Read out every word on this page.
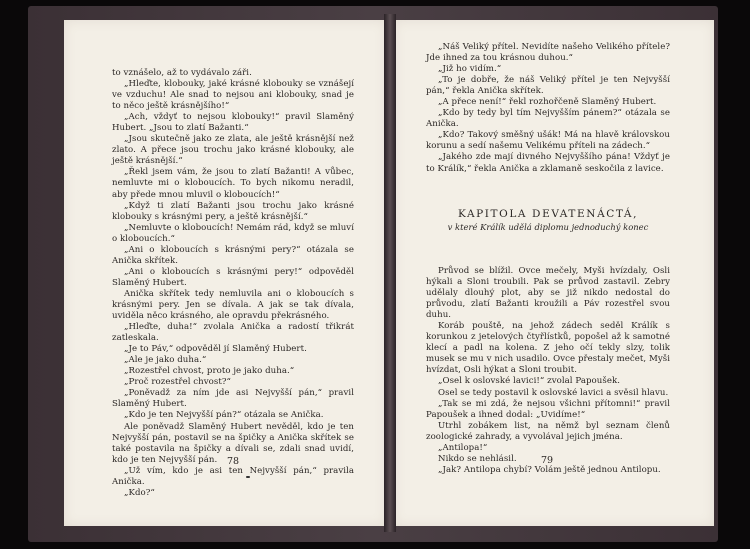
to vznášelo, až to vydávalo záři.

„Hleďte, klobouky, jaké krásné klobouky se vznášejí ve vzduchu! Ale snad to nejsou ani klobouky, snad je to něco ještě krásnějšího!“

„Ach, vždyť to nejsou klobouky!“ pravil Slaměný Hubert. „Jsou to zlatí Bažanti.“

„Jsou skutečně jako ze zlata, ale ještě krásnější než zlato. A přece jsou trochu jako krásné klobouky, ale ještě krásnější.“

„Řekl jsem vám, že jsou to zlatí Bažanti! A vůbec, nemluvte mi o kloboucích. To bych nikomu neradil, aby přede mnou mluvil o kloboucích!“

„Když ti zlatí Bažanti jsou trochu jako krásné klobouky s krásnými pery, a ještě krásnější.“

„Nemluvte o kloboucích! Nemám rád, když se mluví o kloboucích.“

„Ani o kloboucích s krásnými pery?“ otázala se Anička skřítek.

„Ani o kloboucích s krásnými pery!“ odpověděl Slaměný Hubert.

Anička skřítek tedy nemluvila ani o kloboucích s krásnými pery. Jen se dívala. A jak se tak dívala, uviděla něco krásného, ale opravdu překrásného.

„Hleďte, duha!“ zvolala Anička a radostí třikrát zatleskala.

„Je to Páv,“ odpověděl jí Slaměný Hubert.

„Ale je jako duha.“

„Rozestřel chvost, proto je jako duha.“

„Proč rozestřel chvost?“

„Poněvadž za ním jde asi Nejvyšší pán,“ pravil Slaměný Hubert.

„Kdo je ten Nejvyšší pán?“ otázala se Anička.

Ale poněvadž Slaměný Hubert nevěděl, kdo je ten Nejvyšší pán, postavil se na špičky a Anička skřítek se také postavila na špičky a dívali se, zdali snad uvidí, kdo je ten Nejvyšší pán.

„Už vím, kdo je asi ten Nejvyšší pán,“ pravila Anička.

„Kdo?“

78

„Náš Veliký přítel. Nevidíte našeho Velikého přítele? Jde ihned za tou krásnou duhou.“

„Již ho vidím.“

„To je dobře, že náš Veliký přítel je ten Nejvyšší pán,“ řekla Anička skřítek.

„A přece není!“ řekl rozhořčeně Slaměný Hubert.

„Kdo by tedy byl tím Nejvyšším pánem?“ otázala se Anička.

„Kdo? Takový směšný ušák! Má na hlavě královskou korunu a sedí našemu Velikému příteli na zádech.“

„Jakého zde mají divného Nejvyššího pána! Vždyť je to Králík,“ řekla Anička a zklamaně seskočila z lavice.

KAPITOLA DEVATENÁCTÁ,
v které Králík udělá diplomu jednoduchý konec

Průvod se blížil. Ovce mečely, Myši hvízdaly, Osli hýkali a Sloni troubili. Pak se průvod zastavil. Zebry udělaly dlouhý plot, aby se již nikdo nedostal do průvodu, zlatí Bažanti kroužili a Páv rozestřel svou duhu.

Koráb pouště, na jehož zádech seděl Králík s korunkou z jetelových čtyřlístků, popošel až k samotné klecí a padl na kolena. Z jeho očí tekly slzy, tolik musek se mu v nich usadilo. Ovce přestaly mečet, Myši hvízdat, Osli hýkat a Sloni troubit.

„Osel k oslovské lavici!“ zvolal Papoušek.

Osel se tedy postavil k oslovské lavici a svěsil hlavu.

„Tak se mi zdá, že nejsou všichni přítomni!“ pravil Papoušek a ihned dodal: „Uvidíme!“

Utrhl zobákem list, na němž byl seznam členů zoologické zahrady, a vyvolával jejich jména.

„Antilopa!“

Nikdo se nehlásil.

„Jak? Antilopa chybí? Volám ještě jednou Antilopu.

79
